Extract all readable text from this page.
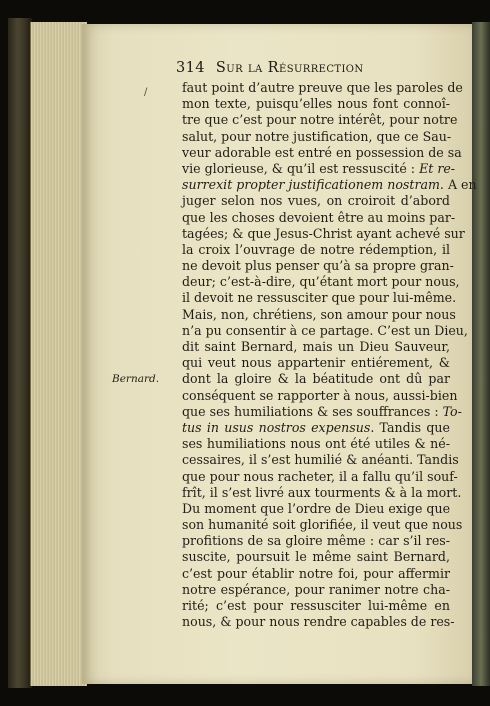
314 Sur la Résurrection
/
Bernard.
faut point d’autre preuve que les paroles de
mon texte, puisqu’elles nous font connoî-
tre que c’est pour notre intérêt, pour notre
salut, pour notre justification, que ce Sau-
veur adorable est entré en possession de sa
vie glorieuse, & qu’il est ressuscité : Et re-
surrexit propter justificationem nostram. A en
juger selon nos vues, on croiroit d’abord
que les choses devoient être au moins par-
tagées; & que Jesus-Christ ayant achevé sur
la croix l’ouvrage de notre rédemption, il
ne devoit plus penser qu’à sa propre gran-
deur; c’est-à-dire, qu’étant mort pour nous,
il devoit ne ressusciter que pour lui-même.
Mais, non, chrétiens, son amour pour nous
n’a pu consentir à ce partage. C’est un Dieu,
dit saint Bernard, mais un Dieu Sauveur,
qui veut nous appartenir entiérement, &
dont la gloire & la béatitude ont dû par
conséquent se rapporter à nous, aussi-bien
que ses humiliations & ses souffrances : To-
tus in usus nostros expensus. Tandis que
ses humiliations nous ont été utiles & né-
cessaires, il s’est humilié & anéanti. Tandis
que pour nous racheter, il a fallu qu’il souf-
frît, il s’est livré aux tourments & à la mort.
Du moment que l’ordre de Dieu exige que
son humanité soit glorifiée, il veut que nous
profitions de sa gloire même : car s’il res-
suscite, poursuit le même saint Bernard,
c’est pour établir notre foi, pour affermir
notre espérance, pour ranimer notre cha-
rité; c’est pour ressusciter lui-même en
nous, & pour nous rendre capables de res-
